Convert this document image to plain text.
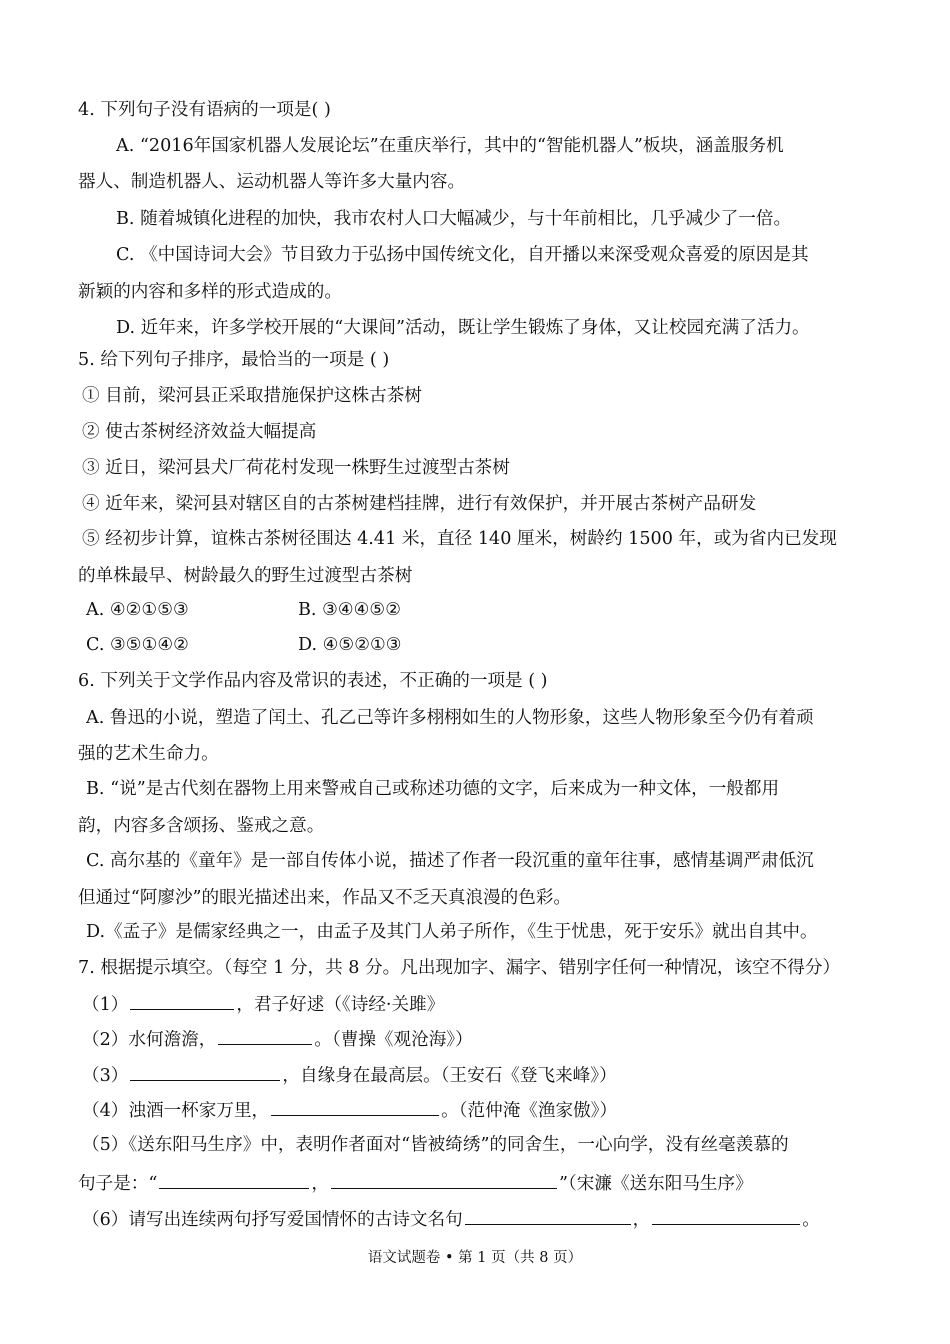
4. 下列句子没有语病的一项是( )
A. “2016年国家机器人发展论坛”在重庆举行，其中的“智能机器人”板块，涵盖服务机
器人、制造机器人、运动机器人等许多大量内容。
B. 随着城镇化进程的加快，我市农村人口大幅减少，与十年前相比，几乎减少了一倍。
C. 《中国诗词大会》节目致力于弘扬中国传统文化，自开播以来深受观众喜爱的原因是其
新颖的内容和多样的形式造成的。
D. 近年来，许多学校开展的“大课间”活动，既让学生锻炼了身体，又让校园充满了活力。
5. 给下列句子排序，最恰当的一项是 ( )
① 目前，梁河县正采取措施保护这株古茶树
② 使古茶树经济效益大幅提高
③ 近日，梁河县犬厂荷花村发现一株野生过渡型古茶树
④ 近年来，梁河县对辖区自的古茶树建档挂牌，进行有效保护，并开展古茶树产品研发
⑤ 经初步计算，谊株古茶树径围达 4.41 米，直径 140 厘米，树龄约 1500 年，或为省内已发现
的单株最早、树龄最久的野生过渡型古茶树
A. ④②①⑤③	B. ③④④⑤②
C. ③⑤①④②	D. ④⑤②①③
6. 下列关于文学作品内容及常识的表述，不正确的一项是 ( )
A. 鲁迅的小说，塑造了闰土、孔乙己等许多栩栩如生的人物形象，这些人物形象至今仍有着顽
强的艺术生命力。
B. “说”是古代刻在器物上用来警戒自己或称述功德的文字，后来成为一种文体，一般都用
韵，内容多含颂扬、鉴戒之意。
C. 高尔基的《童年》是一部自传体小说，描述了作者一段沉重的童年往事，感情基调严肃低沉
但通过“阿廖沙”的眼光描述出来，作品又不乏天真浪漫的色彩。
D.《孟子》是儒家经典之一，由孟子及其门人弟子所作，《生于忧患，死于安乐》就出自其中。
7. 根据提示填空。（每空 1 分，共 8 分。凡出现加字、漏字、错别字任何一种情况，该空不得分）
（1）	，君子好逑（《诗经·关雎》
（2）水何澹澹，	。（曹操《观沧海》）
（3）	，自缘身在最高层。（王安石《登飞来峰》）
（4）浊酒一杯家万里，	。（范仲淹《渔家傲》）
（5）《送东阳马生序》中，表明作者面对“皆被绮绣”的同舍生，一心向学，没有丝毫羡慕的
句子是：“	，	”（宋濂《送东阳马生序》
（6）请写出连续两句抒写爱国情怀的古诗文名句	，	。
语文试题卷 • 第 1 页（共 8 页）
